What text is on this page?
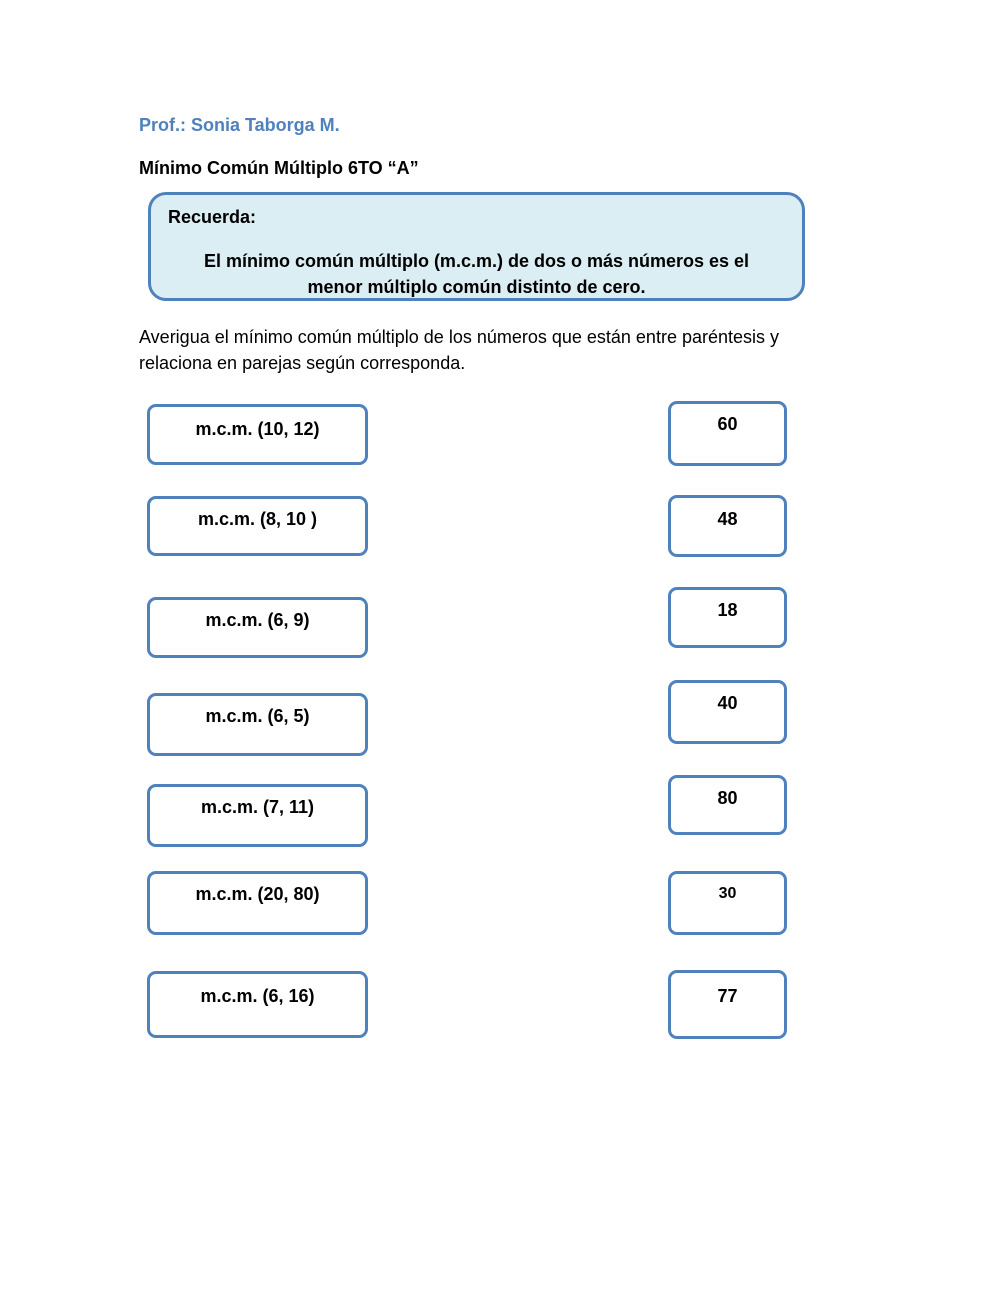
Prof.: Sonia Taborga M.
Mínimo Común Múltiplo 6TO “A”
Recuerda:
El mínimo común múltiplo (m.c.m.) de dos o más números es el
menor múltiplo común distinto de cero.
Averigua el mínimo común múltiplo de los números que están entre paréntesis y
relaciona en parejas según corresponda.
m.c.m. (10, 12)
m.c.m. (8, 10 )
m.c.m. (6, 9)
m.c.m. (6, 5)
m.c.m. (7, 11)
m.c.m. (20, 80)
m.c.m. (6, 16)
60
48
18
40
80
30
77
